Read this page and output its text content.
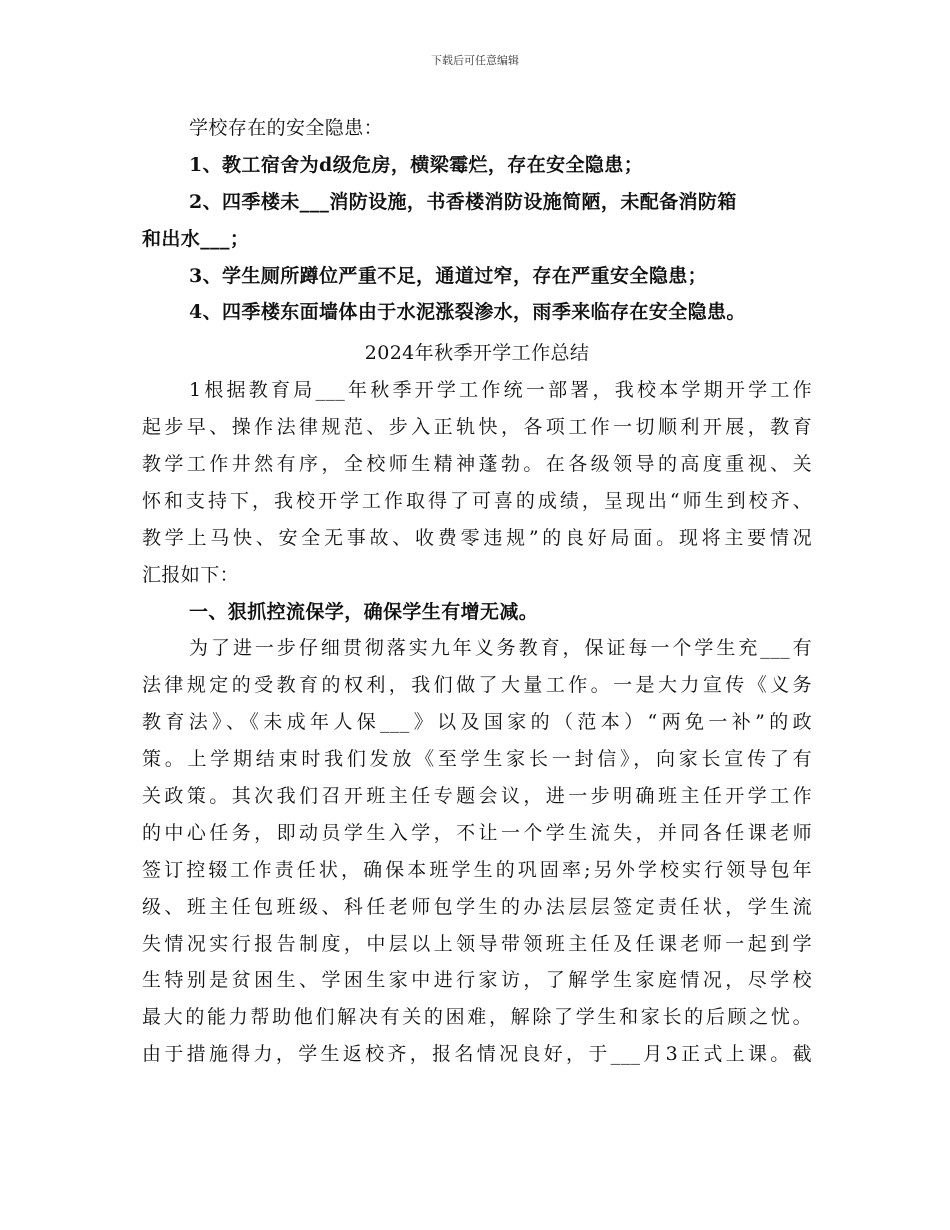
下载后可任意编辑
学校存在的安全隐患：
1、教工宿舍为d级危房，横梁霉烂，存在安全隐患；
2、四季楼未___消防设施，书香楼消防设施简陋，未配备消防箱
和出水___；
3、学生厕所蹲位严重不足，通道过窄，存在严重安全隐患；
4、四季楼东面墙体由于水泥涨裂渗水，雨季来临存在安全隐患。
2024年秋季开学工作总结
1根据教育局___年秋季开学工作统一部署，我校本学期开学工作
起步早、操作法律规范、步入正轨快，各项工作一切顺利开展，教育
教学工作井然有序，全校师生精神蓬勃。在各级领导的高度重视、关
怀和支持下，我校开学工作取得了可喜的成绩，呈现出“师生到校齐、
教学上马快、安全无事故、收费零违规”的良好局面。现将主要情况
汇报如下：
一、狠抓控流保学，确保学生有增无减。
为了进一步仔细贯彻落实九年义务教育，保证每一个学生充___有
法律规定的受教育的权利，我们做了大量工作。一是大力宣传《义务
教育法》、《未成年人保___》以及国家的（范本）“两免一补”的政
策。上学期结束时我们发放《至学生家长一封信》，向家长宣传了有
关政策。其次我们召开班主任专题会议，进一步明确班主任开学工作
的中心任务，即动员学生入学，不让一个学生流失，并同各任课老师
签订控辍工作责任状，确保本班学生的巩固率;另外学校实行领导包年
级、班主任包班级、科任老师包学生的办法层层签定责任状，学生流
失情况实行报告制度，中层以上领导带领班主任及任课老师一起到学
生特别是贫困生、学困生家中进行家访，了解学生家庭情况，尽学校
最大的能力帮助他们解决有关的困难，解除了学生和家长的后顾之忧。
由于措施得力，学生返校齐，报名情况良好，于___月3正式上课。截
